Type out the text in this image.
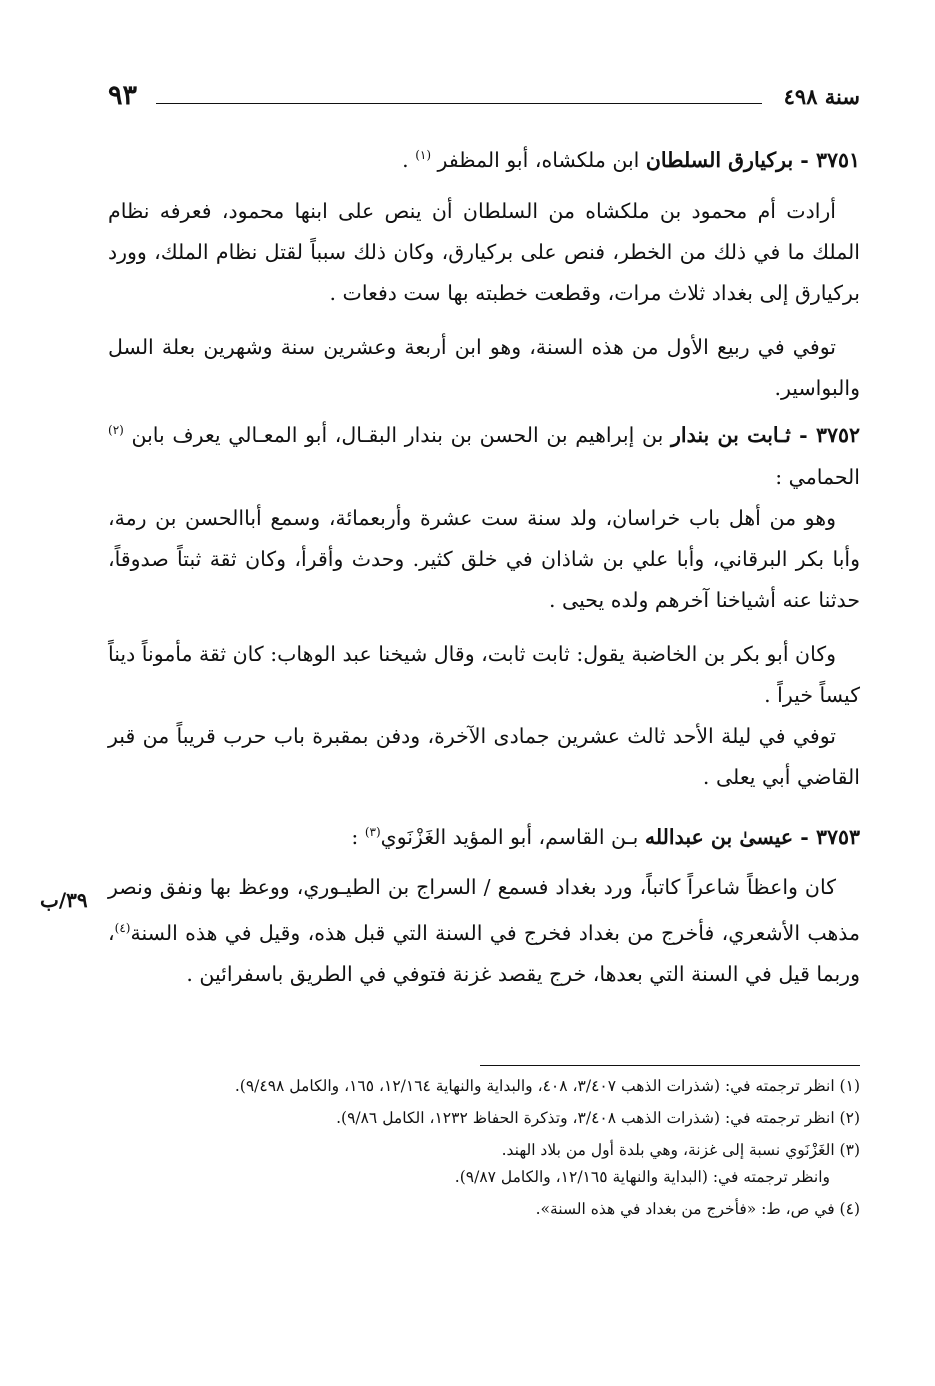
سنة ٤٩٨
٩٣

٣٧٥١ - بركيارق السلطان ابن ملكشاه، أبو المظفر $^{(١)}$ .

أرادت أم محمود بن ملكشاه من السلطان أن ينص على ابنها محمود، فعرفه نظام الملك ما في ذلك من الخطر، فنص على بركيارق، وكان ذلك سبباً لقتل نظام الملك، وورد بركيارق إلى بغداد ثلاث مرات، وقطعت خطبته بها ست دفعات .

توفي في ربيع الأول من هذه السنة، وهو ابن أربعة وعشرين سنة وشهرين بعلة السل والبواسير.

٣٧٥٢ - ثـابت بن بندار بن إبراهيم بن الحسن بن بندار البقـال، أبو المعـالي يعرف بابن $^{(٢)}$ الحمامي :

وهو من أهل باب خراسان، ولد سنة ست عشرة وأربعمائة، وسمع أباالحسن بن رمة، وأبا بكر البرقاني، وأبا علي بن شاذان في خلق كثير. وحدث وأقرأ، وكان ثقة ثبتاً صدوقاً، حدثنا عنه أشياخنا آخرهم ولده يحيى .

وكان أبو بكر بن الخاضبة يقول: ثابت ثابت، وقال شيخنا عبد الوهاب: كان ثقة مأموناً ديناً كيساً خيراً .

توفي في ليلة الأحد ثالث عشرين جمادى الآخرة، ودفن بمقبرة باب حرب قريباً من قبر القاضي أبي يعلى .

٣٧٥٣ - عيسىٰ بن عبدالله بـن القاسم، أبو المؤيد الغَزْنَوي$^{(٣)}$ :

كان واعظاً شاعراً كاتباً، ورد بغداد فسمع / السراج بن الطيـوري، ووعظ بها ونفق ونصر مذهب الأشعري، فأخرج من بغداد فخرج في السنة التي قبل هذه، وقيل في هذه السنة$^{(٤)}$، وربما قيل في السنة التي بعدها، خرج يقصد غزنة فتوفي في الطريق باسفرائين .

٣٩/ب

(١) انظر ترجمته في: (شذرات الذهب ٣/٤٠٧، ٤٠٨، والبداية والنهاية ١٢/١٦٤، ١٦٥، والكامل ٩/٤٩٨).

(٢) انظر ترجمته في: (شذرات الذهب ٣/٤٠٨، وتذكرة الحفاظ ١٢٣٢، الكامل ٩/٨٦).

(٣) الغَزْنَوي نسبة إلى غزنة، وهي بلدة أول من بلاد الهند.

وانظر ترجمته في: (البداية والنهاية ١٢/١٦٥، والكامل ٩/٨٧).

(٤) في ص، ط: «فأخرج من بغداد في هذه السنة».
